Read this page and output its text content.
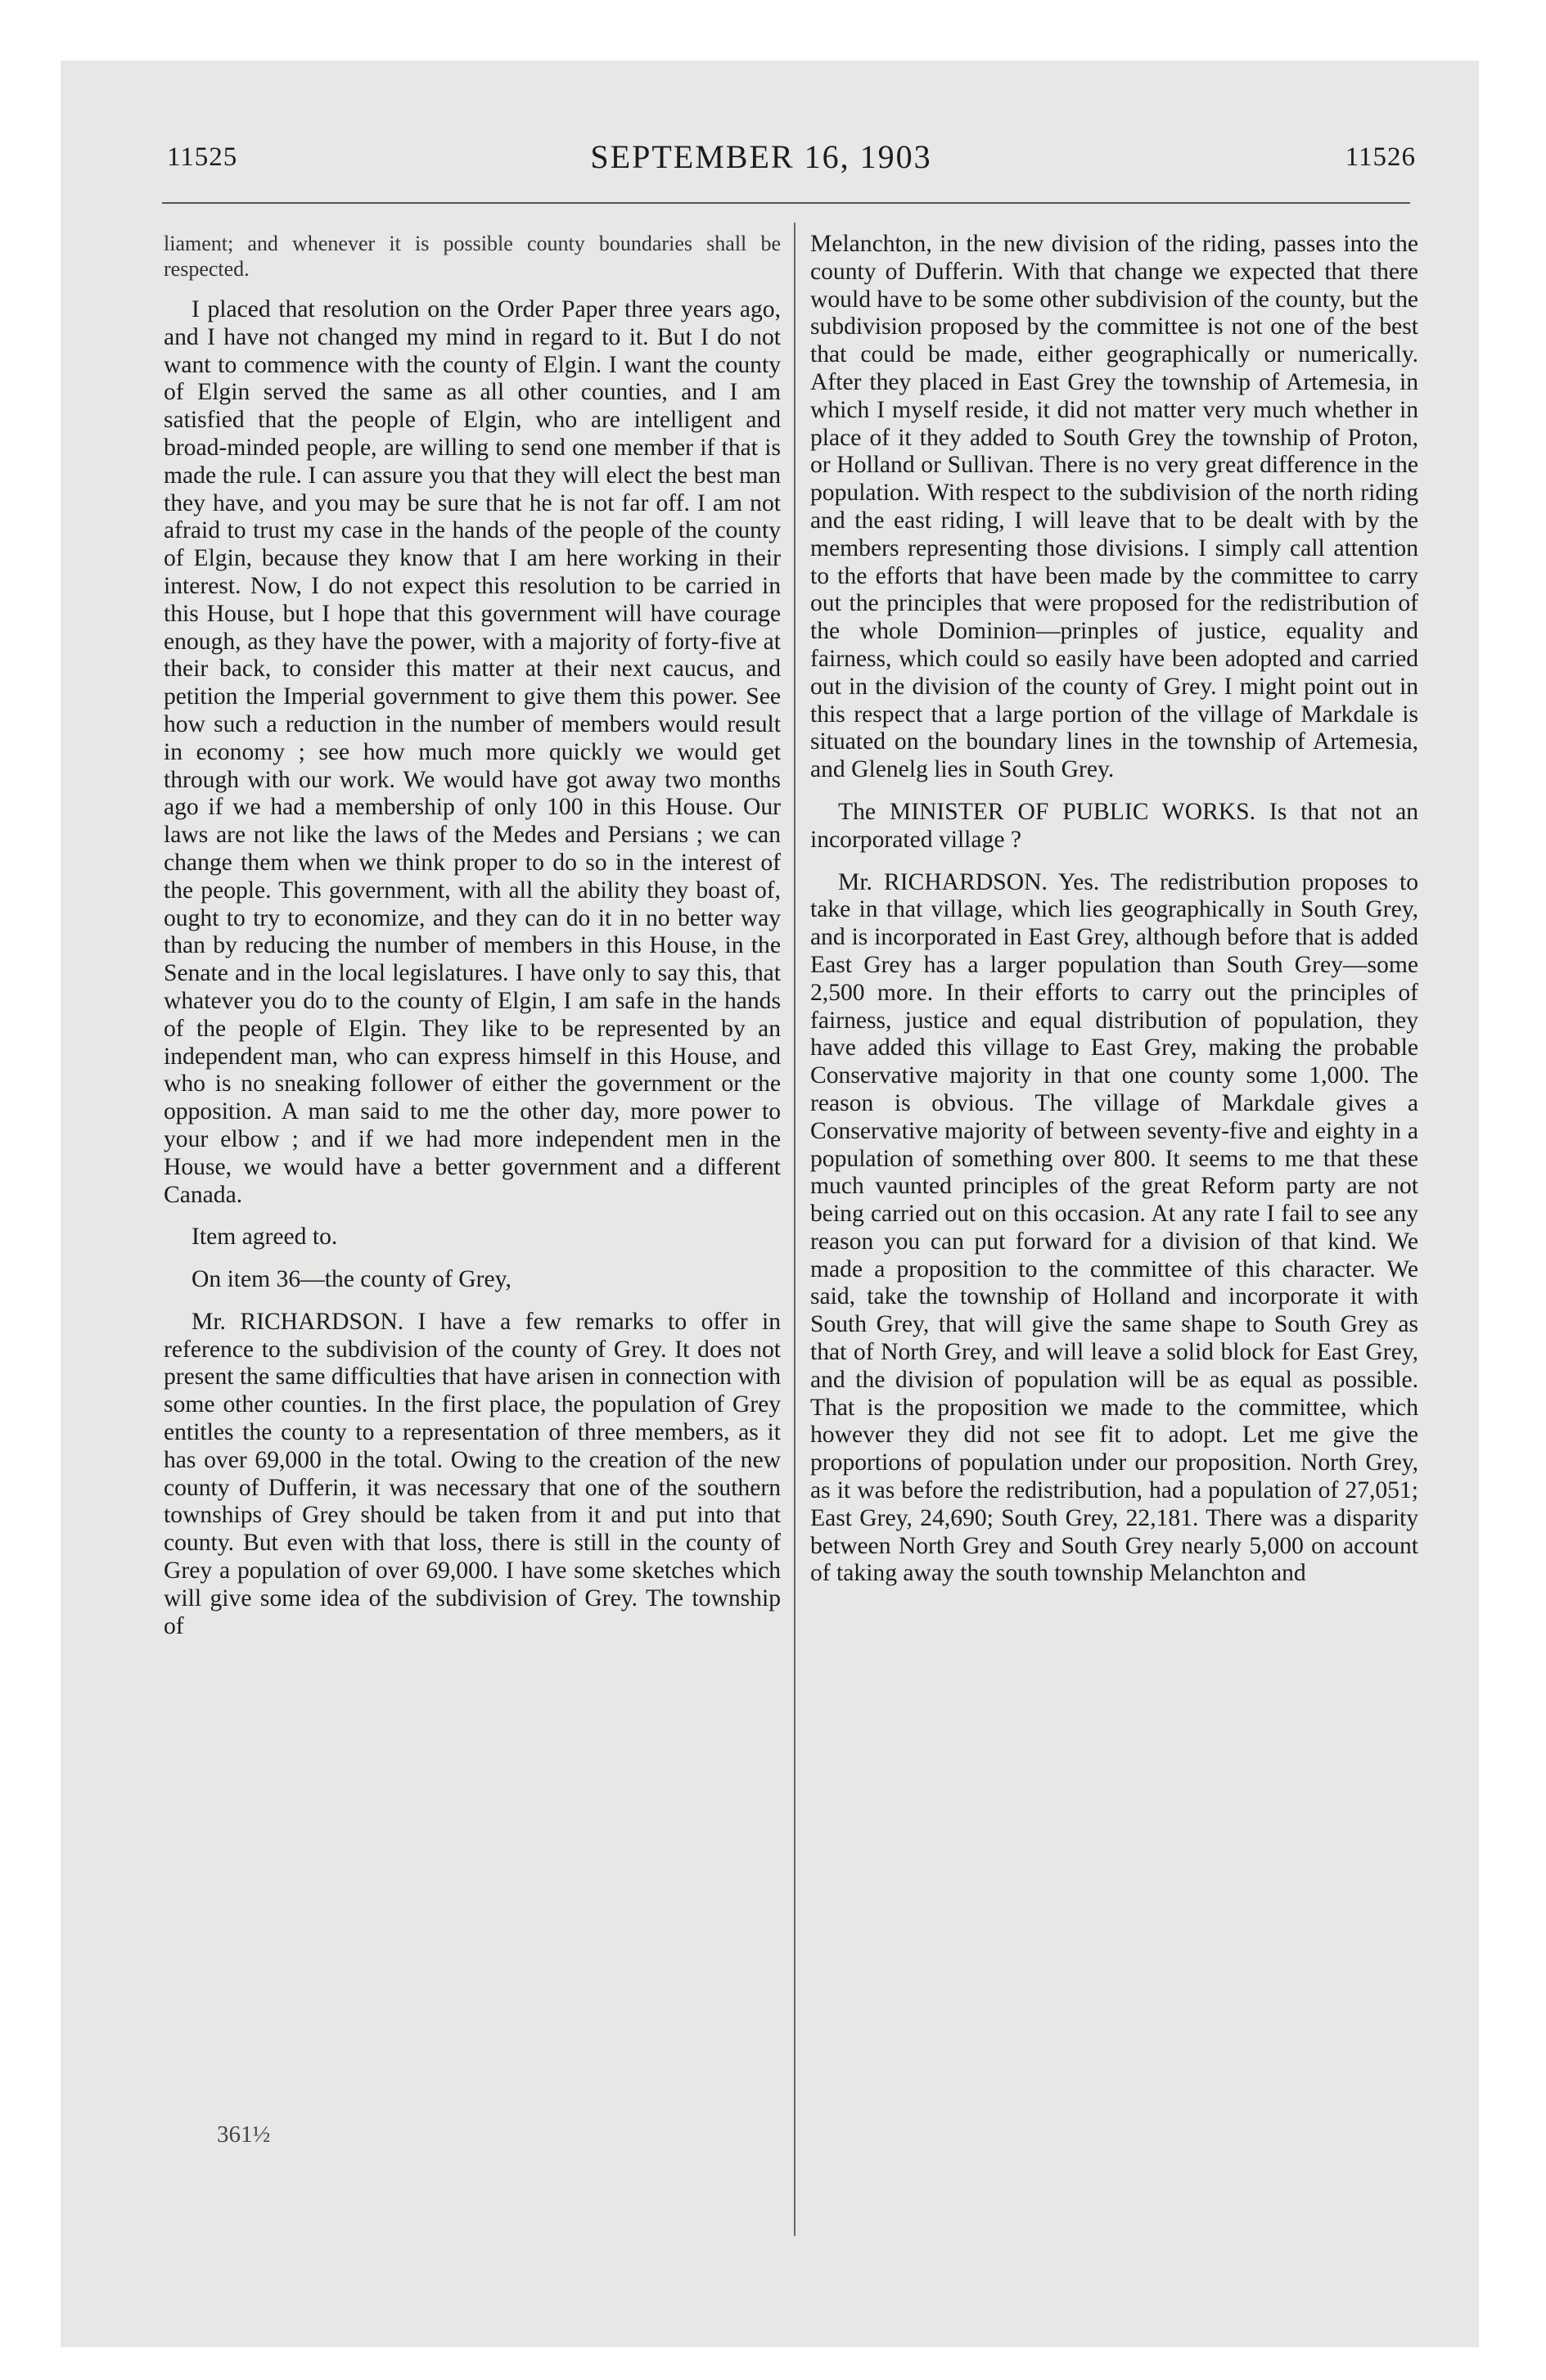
11525	SEPTEMBER 16, 1903	11526

liament; and whenever it is possible county boundaries shall be respected.

I placed that resolution on the Order Paper three years ago, and I have not changed my mind in regard to it. But I do not want to commence with the county of Elgin. I want the county of Elgin served the same as all other counties, and I am satisfied that the people of Elgin, who are intelligent and broad-minded people, are willing to send one member if that is made the rule. I can assure you that they will elect the best man they have, and you may be sure that he is not far off. I am not afraid to trust my case in the hands of the people of the county of Elgin, because they know that I am here working in their interest. Now, I do not expect this resolution to be carried in this House, but I hope that this government will have courage enough, as they have the power, with a majority of forty-five at their back, to consider this matter at their next caucus, and petition the Imperial government to give them this power. See how such a reduction in the number of members would result in economy ; see how much more quickly we would get through with our work. We would have got away two months ago if we had a membership of only 100 in this House. Our laws are not like the laws of the Medes and Persians ; we can change them when we think proper to do so in the interest of the people. This government, with all the ability they boast of, ought to try to economize, and they can do it in no better way than by reducing the number of members in this House, in the Senate and in the local legislatures. I have only to say this, that whatever you do to the county of Elgin, I am safe in the hands of the people of Elgin. They like to be represented by an independent man, who can express himself in this House, and who is no sneaking follower of either the government or the opposition. A man said to me the other day, more power to your elbow ; and if we had more independent men in the House, we would have a better government and a different Canada.

Item agreed to.

On item 36—the county of Grey,

Mr. RICHARDSON. I have a few remarks to offer in reference to the subdivision of the county of Grey. It does not present the same difficulties that have arisen in connection with some other counties. In the first place, the population of Grey entitles the county to a representation of three members, as it has over 69,000 in the total. Owing to the creation of the new county of Dufferin, it was necessary that one of the southern townships of Grey should be taken from it and put into that county. But even with that loss, there is still in the county of Grey a population of over 69,000. I have some sketches which will give some idea of the subdivision of Grey. The township of

Melanchton, in the new division of the riding, passes into the county of Dufferin. With that change we expected that there would have to be some other subdivision of the county, but the subdivision proposed by the committee is not one of the best that could be made, either geographically or numerically. After they placed in East Grey the township of Artemesia, in which I myself reside, it did not matter very much whether in place of it they added to South Grey the township of Proton, or Holland or Sullivan. There is no very great difference in the population. With respect to the subdivision of the north riding and the east riding, I will leave that to be dealt with by the members representing those divisions. I simply call attention to the efforts that have been made by the committee to carry out the principles that were proposed for the redistribution of the whole Dominion—prinples of justice, equality and fairness, which could so easily have been adopted and carried out in the division of the county of Grey. I might point out in this respect that a large portion of the village of Markdale is situated on the boundary lines in the township of Artemesia, and Glenelg lies in South Grey.

The MINISTER OF PUBLIC WORKS. Is that not an incorporated village ?

Mr. RICHARDSON. Yes. The redistribution proposes to take in that village, which lies geographically in South Grey, and is incorporated in East Grey, although before that is added East Grey has a larger population than South Grey—some 2,500 more. In their efforts to carry out the principles of fairness, justice and equal distribution of population, they have added this village to East Grey, making the probable Conservative majority in that one county some 1,000. The reason is obvious. The village of Markdale gives a Conservative majority of between seventy-five and eighty in a population of something over 800. It seems to me that these much vaunted principles of the great Reform party are not being carried out on this occasion. At any rate I fail to see any reason you can put forward for a division of that kind. We made a proposition to the committee of this character. We said, take the township of Holland and incorporate it with South Grey, that will give the same shape to South Grey as that of North Grey, and will leave a solid block for East Grey, and the division of population will be as equal as possible. That is the proposition we made to the committee, which however they did not see fit to adopt. Let me give the proportions of population under our proposition. North Grey, as it was before the redistribution, had a population of 27,051; East Grey, 24,690; South Grey, 22,181. There was a disparity between North Grey and South Grey nearly 5,000 on account of taking away the south township Melanchton and

361½
